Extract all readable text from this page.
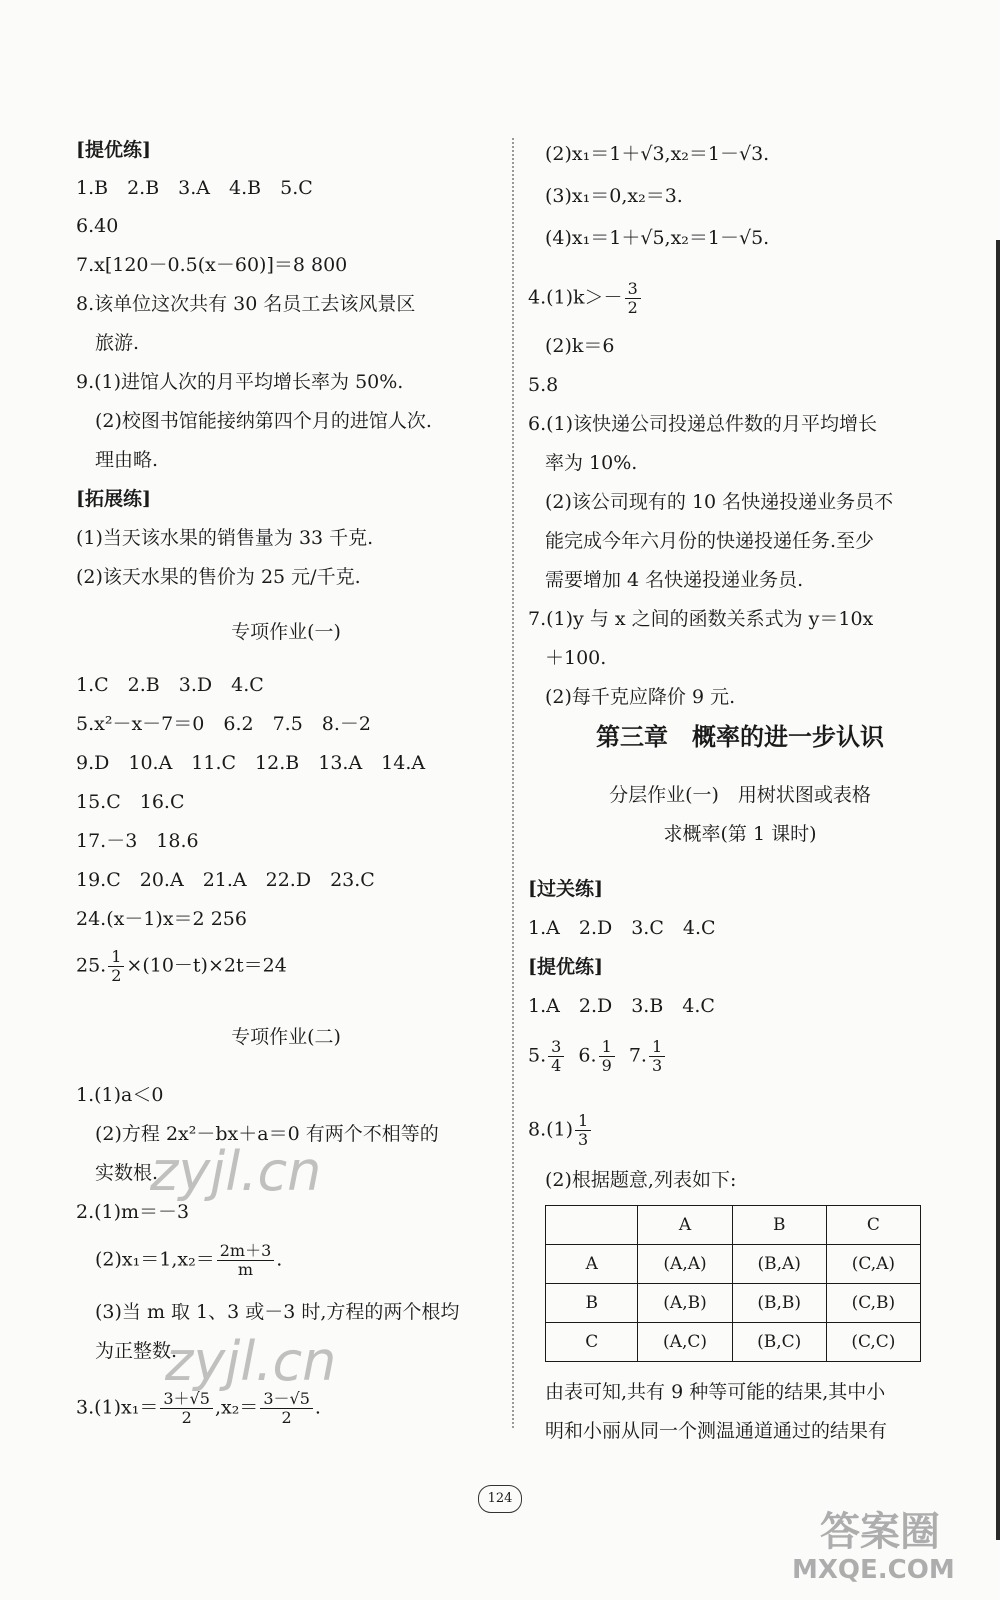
[提优练]
1.B　2.B　3.A　4.B　5.C
6.40
7.x[120－0.5(x－60)]＝8 800
8.该单位这次共有 30 名员工去该风景区
旅游.
9.(1)进馆人次的月平均增长率为 50%.
(2)校图书馆能接纳第四个月的进馆人次.
理由略.
[拓展练]
(1)当天该水果的销售量为 33 千克.
(2)该天水果的售价为 25 元/千克.
专项作业(一)
1.C　2.B　3.D　4.C
5.x²－x－7＝0　6.2　7.5　8.－2
9.D　10.A　11.C　12.B　13.A　14.A
15.C　16.C
17.－3　18.6
19.C　20.A　21.A　22.D　23.C
24.(x－1)x＝2 256
25. $\frac{1}{2} \times(10-t)\times 2t=24$
专项作业(二)
1.(1)a＜0
(2)方程 2x²－bx＋a＝0 有两个不相等的
实数根.
2.(1)m＝－3
$(2)x_1=1,x_2= \frac{2m+3}{m}$ .
(3)当 m 取 1、3 或－3 时,方程的两个根均
为正整数.
$3.(1)x_1= \frac{3+√5}{2} ,x_2= \frac{3-√5}{2}$ .
(2)x₁＝1＋√3,x₂＝1－√3.
(3)x₁＝0,x₂＝3.
(4)x₁＝1＋√5,x₂＝1－√5.
$4.(1)k>- \frac{3}{2}$
(2)k＝6
5.8
6.(1)该快递公司投递总件数的月平均增长
率为 10%.
(2)该公司现有的 10 名快递投递业务员不
能完成今年六月份的快递投递任务.至少
需要增加 4 名快递投递业务员.
7.(1)y 与 x 之间的函数关系式为 y＝10x
＋100.
(2)每千克应降价 9 元.
第三章　概率的进一步认识
分层作业(一)　用树状图或表格
求概率(第 1 课时)
[过关练]
1.A　2.D　3.C　4.C
[提优练]
1.A　2.D　3.B　4.C
5. $\frac{3}{4} 6$. $\frac{1}{9} 7$. $\frac{1}{3}$
$8.(1) \frac{1}{3}$
(2)根据题意,列表如下:
	A	B	C
A	(A,A)	(B,A)	(C,A)
B	(A,B)	(B,B)	(C,B)
C	(A,C)	(B,C)	(C,C)
由表可知,共有 9 种等可能的结果,其中小
明和小丽从同一个测温通道通过的结果有
124
zyjl.cn
zyjl.cn
答案圈
MXQE.COM
